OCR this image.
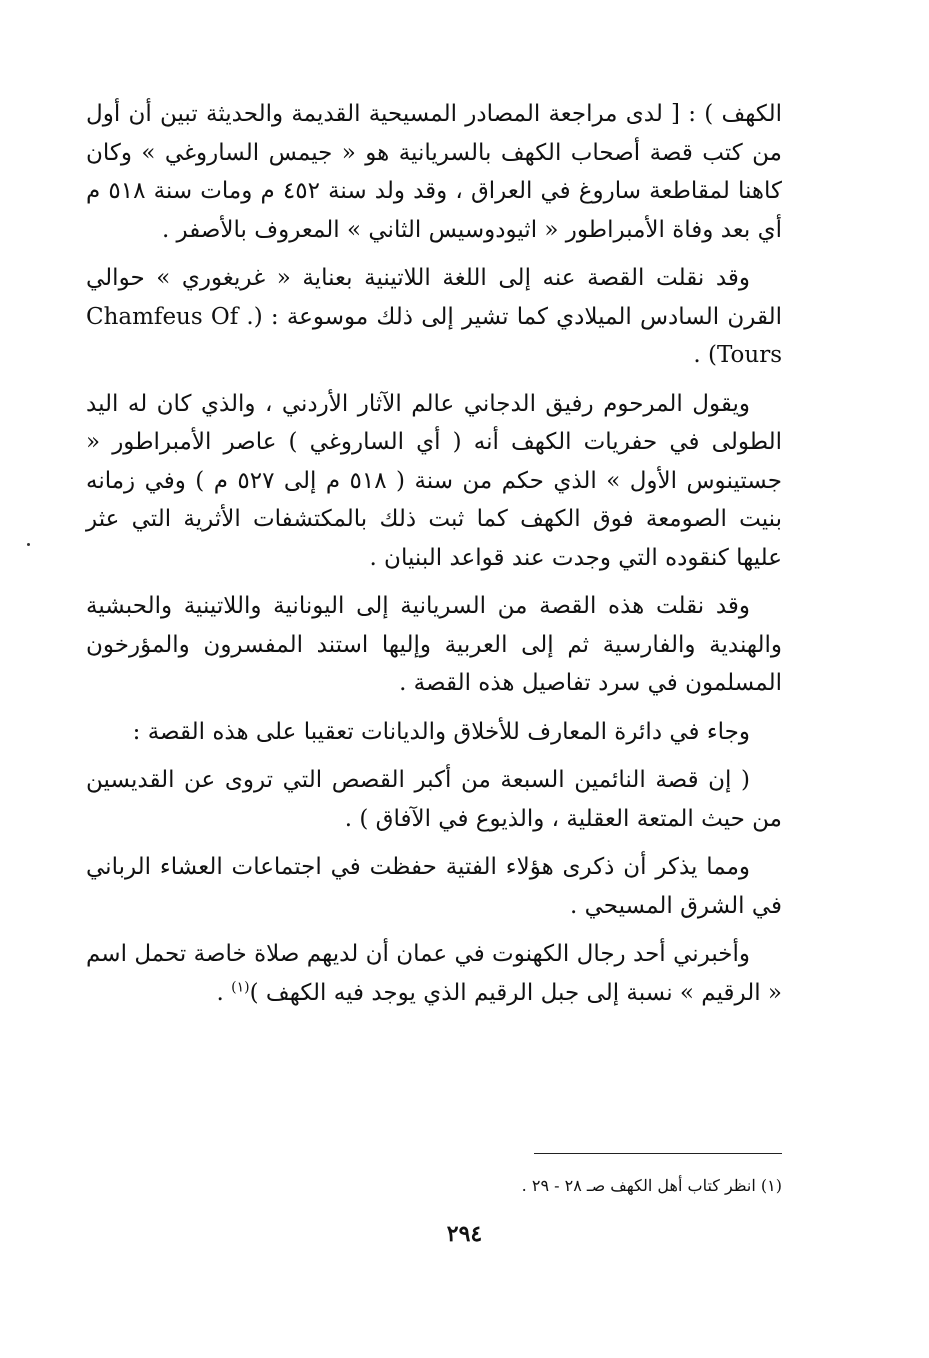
الكهف ) : [ لدى مراجعة المصادر المسيحية القديمة والحديثة تبين أن أول من كتب قصة أصحاب الكهف بالسريانية هو « جيمس الساروغي » وكان كاهنا لمقاطعة ساروغ في العراق ، وقد ولد سنة ٤٥٢ م ومات سنة ٥١٨ م أي بعد وفاة الأمبراطور « اثيودوسيس الثاني » المعروف بالأصفر .

وقد نقلت القصة عنه إلى اللغة اللاتينية بعناية « غريغوري » حوالي القرن السادس الميلادي كما تشير إلى ذلك موسوعة : (Chamfeus Of . Tours) .

ويقول المرحوم رفيق الدجاني عالم الآثار الأردني ، والذي كان له اليد الطولى في حفريات الكهف أنه ( أي الساروغي ) عاصر الأمبراطور « جستينوس الأول » الذي حكم من سنة ( ٥١٨ م إلى ٥٢٧ م ) وفي زمانه بنيت الصومعة فوق الكهف كما ثبت ذلك بالمكتشفات الأثرية التي عثر عليها كنقوده التي وجدت عند قواعد البنيان .

وقد نقلت هذه القصة من السريانية إلى اليونانية واللاتينية والحبشية والهندية والفارسية ثم إلى العربية وإليها استند المفسرون والمؤرخون المسلمون في سرد تفاصيل هذه القصة .

وجاء في دائرة المعارف للأخلاق والديانات تعقيبا على هذه القصة :

( إن قصة النائمين السبعة من أكبر القصص التي تروى عن القديسين من حيث المتعة العقلية ، والذيوع في الآفاق ) .

ومما يذكر أن ذكرى هؤلاء الفتية حفظت في اجتماعات العشاء الرباني في الشرق المسيحي .

وأخبرني أحد رجال الكهنوت في عمان أن لديهم صلاة خاصة تحمل اسم « الرقيم » نسبة إلى جبل الرقيم الذي يوجد فيه الكهف )$^{(١)}$ .

(١) انظر كتاب أهل الكهف صـ ٢٨ - ٢٩ .
٢٩٤
